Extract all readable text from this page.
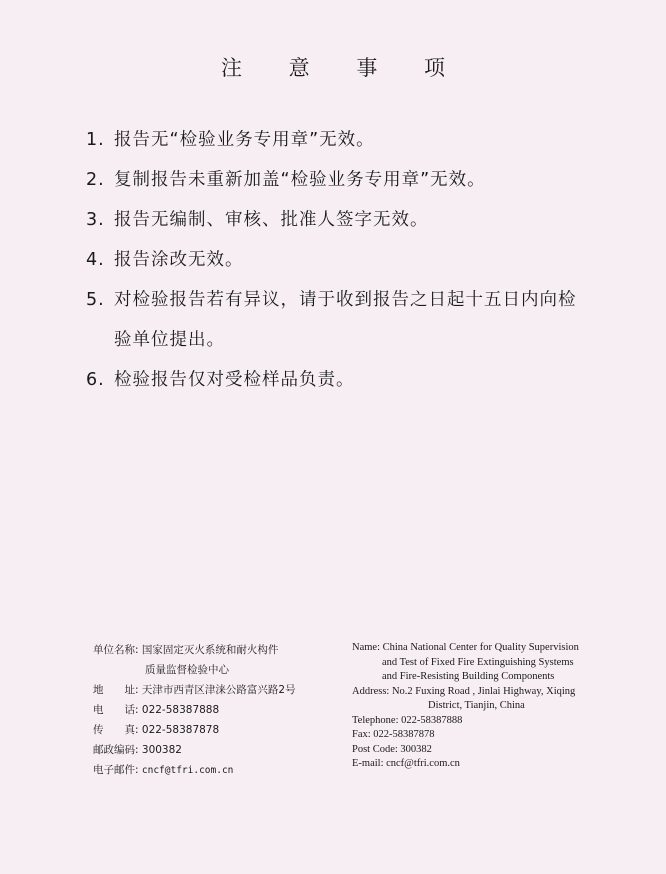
注 意 事 项
1. 报告无“检验业务专用章”无效。
2. 复制报告未重新加盖“检验业务专用章”无效。
3. 报告无编制、审核、批准人签字无效。
4. 报告涂改无效。
5. 对检验报告若有异议，请于收到报告之日起十五日内向检
验单位提出。
6. 检验报告仅对受检样品负责。
单位名称: 国家固定灭火系统和耐火构件
质量监督检验中心
地　　址: 天津市西青区津涞公路富兴路2号
电　　话: 022-58387888
传　　真: 022-58387878
邮政编码: 300382
电子邮件: cncf@tfri.com.cn
Name: China National Center for Quality Supervision
and Test of Fixed Fire Extinguishing Systems
and Fire-Resisting Building Components
Address: No.2 Fuxing Road , Jinlai Highway, Xiqing
District, Tianjin, China
Telephone: 022-58387888
Fax: 022-58387878
Post Code: 300382
E-mail: cncf@tfri.com.cn
